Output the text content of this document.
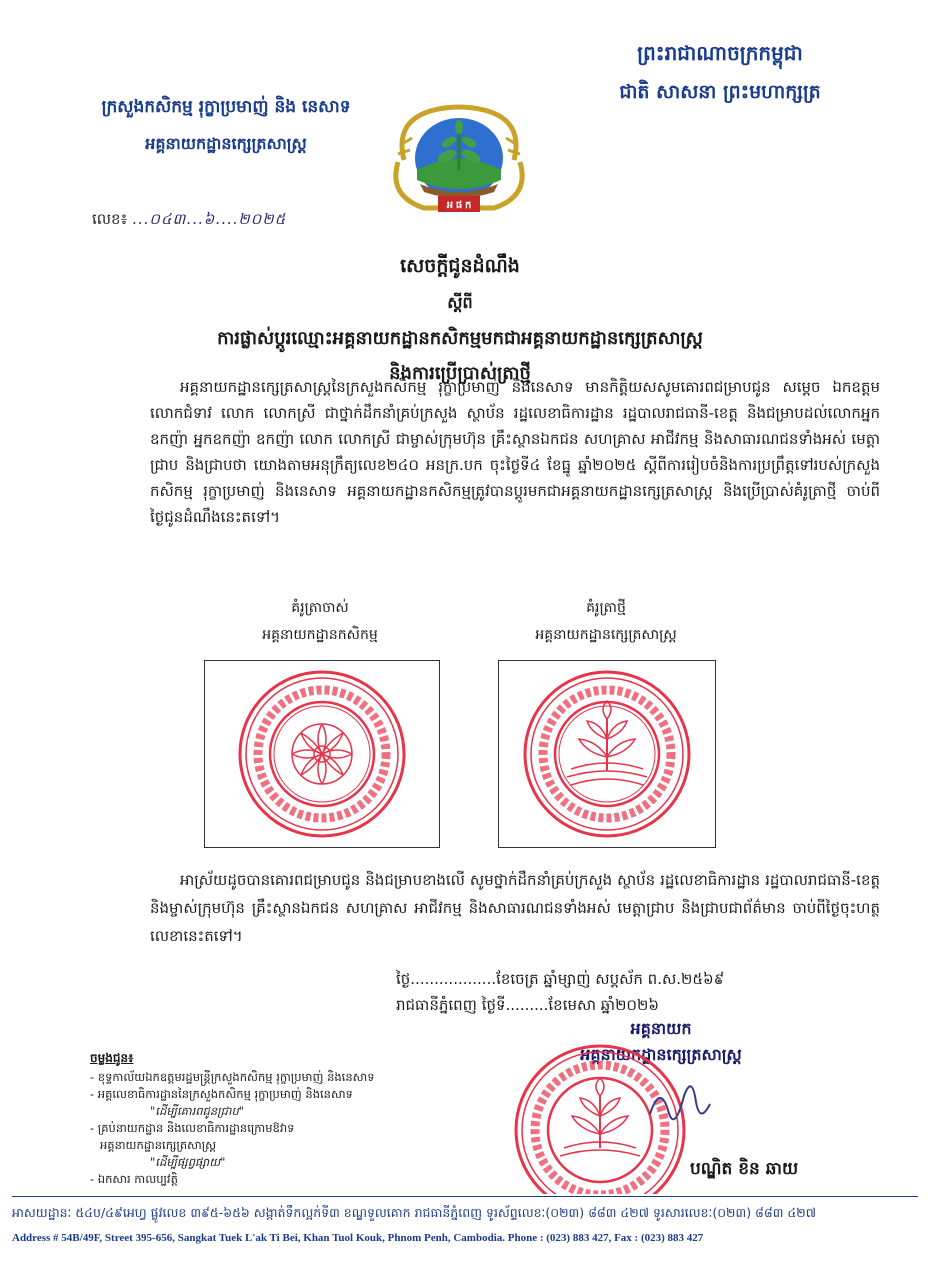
ព្រះរាជាណាចក្រកម្ពុជា
ជាតិ សាសនា ព្រះមហាក្សត្រ
ក្រសួងកសិកម្ម រុក្ខាប្រមាញ់ និង នេសាទ
អគ្គនាយកដ្ឋានក្សេត្រសាស្ត្រ
អ ផ ក
លេខ៖ ...០៤៣...៦....២០២៥
សេចក្តីជូនដំណឹង
ស្តីពី
ការផ្លាស់ប្តូរឈ្មោះអគ្គនាយកដ្ឋានកសិកម្មមកជាអគ្គនាយកដ្ឋានក្សេត្រសាស្ត្រ
និងការប្រើប្រាស់ត្រាថ្មី

អគ្គនាយកដ្ឋានក្សេត្រសាស្ត្រនៃក្រសួងកសិកម្ម រុក្ខាប្រមាញ់ និងនេសាទ មានកិត្តិយសសូមគោរពជម្រាបជូន សម្តេច ឯកឧត្តម លោកជំទាវ លោក លោកស្រី ជាថ្នាក់ដឹកនាំគ្រប់ក្រសួង ស្ថាប័ន រដ្ឋលេខាធិការដ្ឋាន រដ្ឋបាលរាជធានី-ខេត្ត និងជម្រាបដល់លោកអ្នកឧកញ៉ា អ្នកឧកញ៉ា ឧកញ៉ា លោក លោកស្រី ជាម្ចាស់ក្រុមហ៊ុន គ្រឹះស្ថានឯកជន សហគ្រាស អាជីវកម្ម និងសាធារណជនទាំងអស់ មេត្តាជ្រាប និងជ្រាបថា យោងតាមអនុក្រឹត្យលេខ២៤០ អនក្រ.បក ចុះថ្ងៃទី៤ ខែធ្នូ ឆ្នាំ២០២៥ ស្តីពីការរៀបចំនិងការប្រព្រឹត្តទៅរបស់ក្រសួងកសិកម្ម រុក្ខាប្រមាញ់ និងនេសាទ អគ្គនាយកដ្ឋានកសិកម្មត្រូវបានប្តូរមកជាអគ្គនាយកដ្ឋានក្សេត្រសាស្ត្រ និងប្រើប្រាស់គំរូត្រាថ្មី ចាប់ពីថ្ងៃជូនដំណឹងនេះតទៅ។

គំរូត្រាចាស់
អគ្គនាយកដ្ឋានកសិកម្ម
គំរូត្រាថ្មី
អគ្គនាយកដ្ឋានក្សេត្រសាស្ត្រ

អាស្រ័យដូចបានគោរពជម្រាបជូន និងជម្រាបខាងលើ សូមថ្នាក់ដឹកនាំគ្រប់ក្រសួង ស្ថាប័ន រដ្ឋលេខាធិការដ្ឋាន រដ្ឋបាលរាជធានី-ខេត្ត និងម្ចាស់ក្រុមហ៊ុន គ្រឹះស្ថានឯកជន សហគ្រាស អាជីវកម្ម និងសាធារណជនទាំងអស់ មេត្តាជ្រាប និងជ្រាបជាព័ត៌មាន ចាប់ពីថ្ងៃចុះហត្ថលេខានេះតទៅ។

ថ្ងៃ..................ខែចេត្រ ឆ្នាំម្សាញ់ សប្តស័ក ព.ស.២៥៦៩
រាជធានីភ្នំពេញ ថ្ងៃទី.........ខែមេសា ឆ្នាំ២០២៦
អគ្គនាយក
អគ្គនាយកដ្ឋានក្សេត្រសាស្ត្រ
បណ្ឌិត ខិន ឆាយ
ចម្លងជូន៖
- ខុទ្ទកាល័យឯកឧត្តមរដ្ឋមន្ត្រីក្រសួងកសិកម្ម រុក្ខាប្រមាញ់ និងនេសាទ
- អគ្គលេខាធិការដ្ឋាននៃក្រសួងកសិកម្ម រុក្ខាប្រមាញ់ និងនេសាទ
"ដើម្បីគោរពជូនជ្រាប"
- គ្រប់នាយកដ្ឋាន និងលេខាធិការដ្ឋានក្រោមឱវាទ
អគ្គនាយកដ្ឋានក្សេត្រសាស្ត្រ
"ដើម្បីផ្សព្វផ្សាយ"
- ឯកសារ កាលប្បវត្តិ
អាសយដ្ឋានៈ ៥៤ប/៤៩អេហ្វ ផ្លូវលេខ ៣៩៥-៦៥៦ សង្កាត់ទឹកល្អក់ទី៣ ខណ្ឌទួលគោក រាជធានីភ្នំពេញ ទូរស័ព្ទលេខៈ(០២៣) ៨៨៣ ៤២៧ ទូរសារលេខៈ(០២៣) ៨៨៣ ៤២៧
Address # 54B/49F, Street 395-656, Sangkat Tuek L'ak Ti Bei, Khan Tuol Kouk, Phnom Penh, Cambodia. Phone : (023) 883 427, Fax : (023) 883 427
